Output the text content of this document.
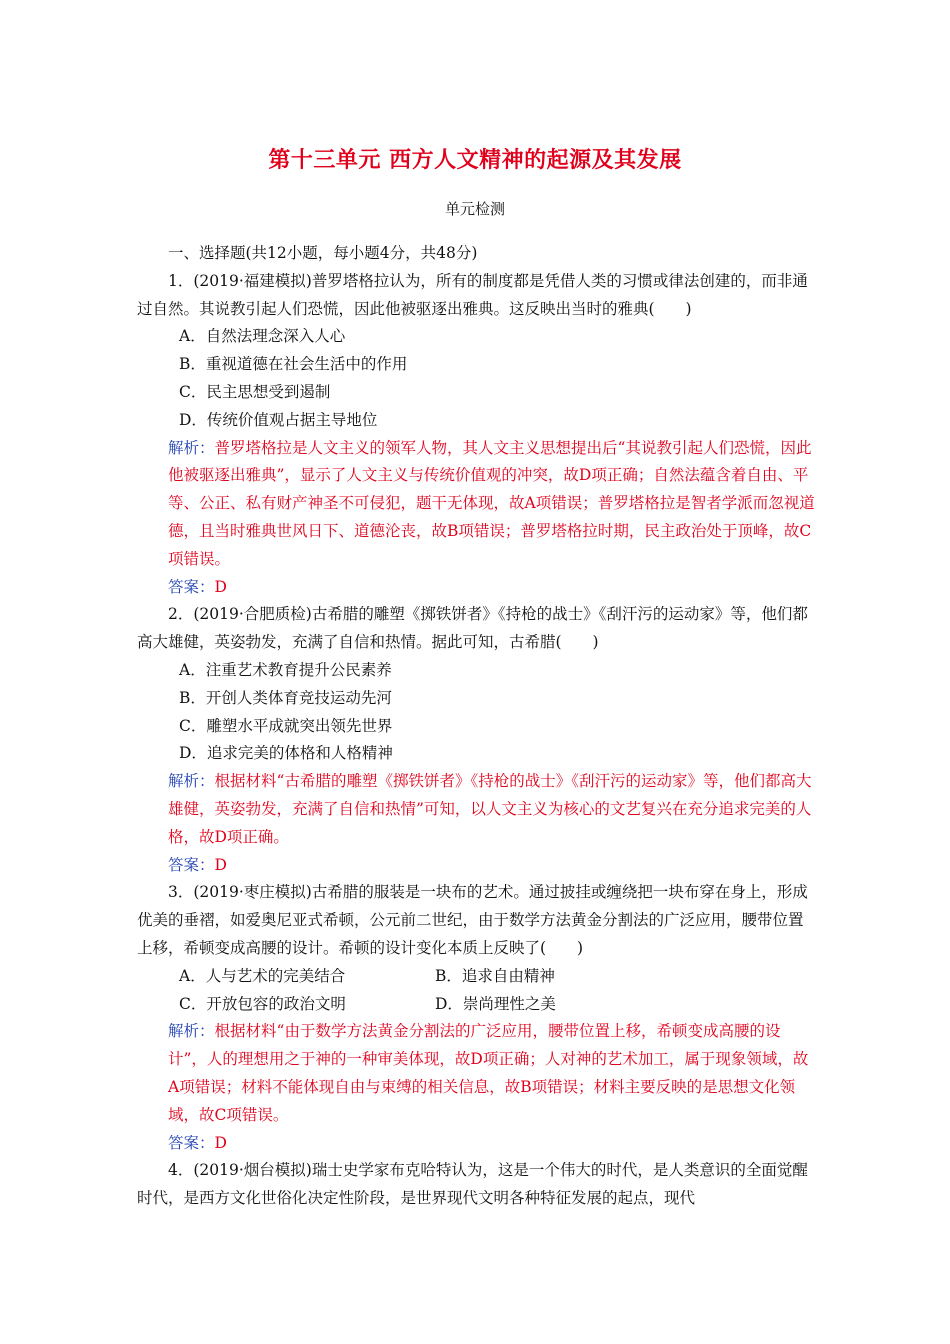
第十三单元 西方人文精神的起源及其发展
单元检测

一、选择题(共12小题，每小题4分，共48分)

1．(2019·福建模拟)普罗塔格拉认为，所有的制度都是凭借人类的习惯或律法创建的，而非通过自然。其说教引起人们恐慌，因此他被驱逐出雅典。这反映出当时的雅典(　　)

A．自然法理念深入人心

B．重视道德在社会生活中的作用

C．民主思想受到遏制

D．传统价值观占据主导地位

解析：普罗塔格拉是人文主义的领军人物，其人文主义思想提出后“其说教引起人们恐慌，因此他被驱逐出雅典”，显示了人文主义与传统价值观的冲突，故D项正确；自然法蕴含着自由、平等、公正、私有财产神圣不可侵犯，题干无体现，故A项错误；普罗塔格拉是智者学派而忽视道德，且当时雅典世风日下、道德沦丧，故B项错误；普罗塔格拉时期，民主政治处于顶峰，故C项错误。

答案：D

2．(2019·合肥质检)古希腊的雕塑《掷铁饼者》《持枪的战士》《刮汗污的运动家》等，他们都高大雄健，英姿勃发，充满了自信和热情。据此可知，古希腊(　　)

A．注重艺术教育提升公民素养

B．开创人类体育竞技运动先河

C．雕塑水平成就突出领先世界

D．追求完美的体格和人格精神

解析：根据材料“古希腊的雕塑《掷铁饼者》《持枪的战士》《刮汗污的运动家》等，他们都高大雄健，英姿勃发，充满了自信和热情”可知，以人文主义为核心的文艺复兴在充分追求完美的人格，故D项正确。

答案：D

3．(2019·枣庄模拟)古希腊的服装是一块布的艺术。通过披挂或缠绕把一块布穿在身上，形成优美的垂褶，如爱奥尼亚式希顿，公元前二世纪，由于数学方法黄金分割法的广泛应用，腰带位置上移，希顿变成高腰的设计。希顿的设计变化本质上反映了(　　)

A．人与艺术的完美结合	B．追求自由精神
C．开放包容的政治文明	D．崇尚理性之美

解析：根据材料“由于数学方法黄金分割法的广泛应用，腰带位置上移，希顿变成高腰的设计”，人的理想用之于神的一种审美体现，故D项正确；人对神的艺术加工，属于现象领域，故A项错误；材料不能体现自由与束缚的相关信息，故B项错误；材料主要反映的是思想文化领域，故C项错误。

答案：D

4．(2019·烟台模拟)瑞士史学家布克哈特认为，这是一个伟大的时代，是人类意识的全面觉醒时代，是西方文化世俗化决定性阶段，是世界现代文明各种特征发展的起点，现代
